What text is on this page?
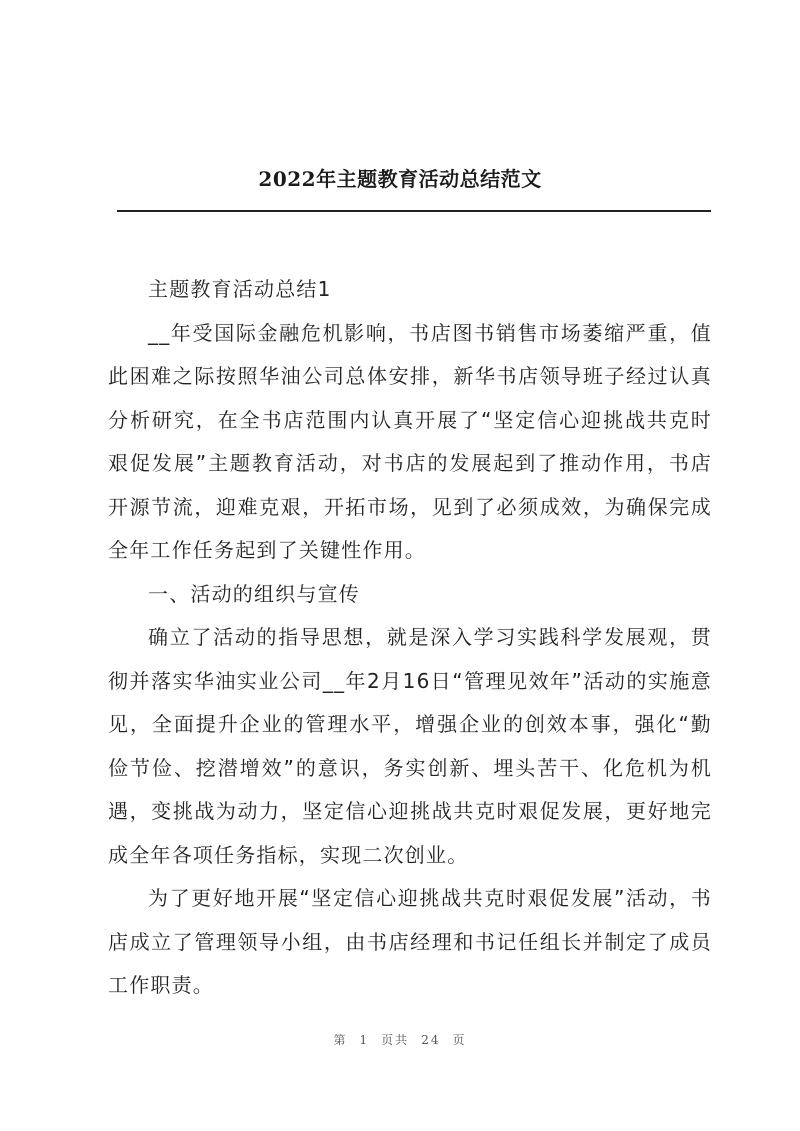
2022年主题教育活动总结范文

主题教育活动总结1

__年受国际金融危机影响，书店图书销售市场萎缩严重，值此困难之际按照华油公司总体安排，新华书店领导班子经过认真分析研究，在全书店范围内认真开展了“坚定信心迎挑战共克时艰促发展”主题教育活动，对书店的发展起到了推动作用，书店开源节流，迎难克艰，开拓市场，见到了必须成效，为确保完成全年工作任务起到了关键性作用。

一、活动的组织与宣传

确立了活动的指导思想，就是深入学习实践科学发展观，贯彻并落实华油实业公司__年2月16日“管理见效年”活动的实施意见，全面提升企业的管理水平，增强企业的创效本事，强化“勤俭节俭、挖潜增效”的意识，务实创新、埋头苦干、化危机为机遇，变挑战为动力，坚定信心迎挑战共克时艰促发展，更好地完成全年各项任务指标，实现二次创业。

为了更好地开展“坚定信心迎挑战共克时艰促发展”活动，书店成立了管理领导小组，由书店经理和书记任组长并制定了成员工作职责。

第 1 页共 24 页
